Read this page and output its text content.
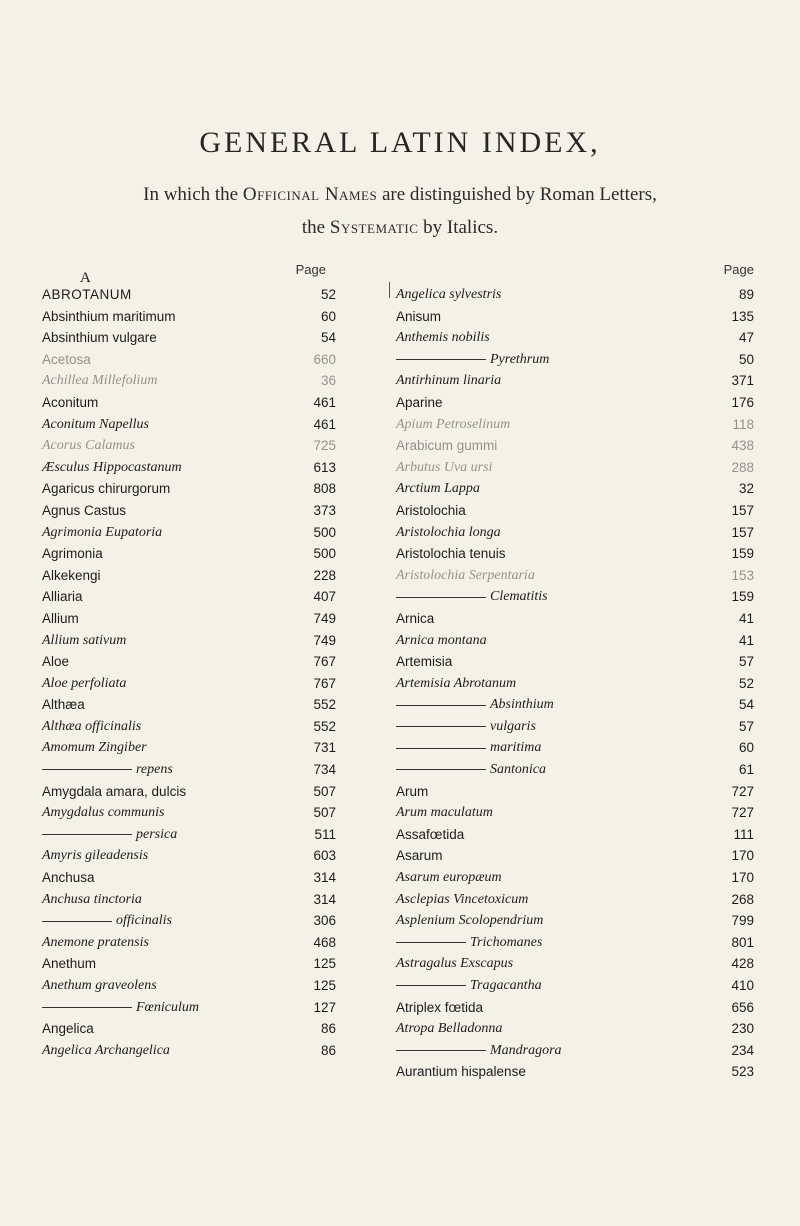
GENERAL LATIN INDEX,
In which the Officinal Names are distinguished by Roman Letters,
the Systematic by Italics.
A
Page
ABROTANUM	52
Absinthium maritimum	60
Absinthium vulgare	54
Acetosa	660
Achillea Millefolium	36
Aconitum	461
Aconitum Napellus	461
Acorus Calamus	725
Æsculus Hippocastanum	613
Agaricus chirurgorum	808
Agnus Castus	373
Agrimonia Eupatoria	500
Agrimonia	500
Alkekengi	228
Alliaria	407
Allium	749
Allium sativum	749
Aloe	767
Aloe perfoliata	767
Althæa	552
Althæa officinalis	552
Amomum Zingiber	731
repens	734
Amygdala amara, dulcis	507
Amygdalus communis	507
persica	511
Amyris gileadensis	603
Anchusa	314
Anchusa tinctoria	314
officinalis	306
Anemone pratensis	468
Anethum	125
Anethum graveolens	125
Fœniculum	127
Angelica	86
Angelica Archangelica	86
Page
Angelica sylvestris	89
Anisum	135
Anthemis nobilis	47
Pyrethrum	50
Antirhinum linaria	371
Aparine	176
Apium Petroselinum	118
Arabicum gummi	438
Arbutus Uva ursi	288
Arctium Lappa	32
Aristolochia	157
Aristolochia longa	157
Aristolochia tenuis	159
Aristolochia Serpentaria	153
Clematitis	159
Arnica	41
Arnica montana	41
Artemisia	57
Artemisia Abrotanum	52
Absinthium	54
vulgaris	57
maritima	60
Santonica	61
Arum	727
Arum maculatum	727
Assafœtida	111
Asarum	170
Asarum europæum	170
Asclepias Vincetoxicum	268
Asplenium Scolopendrium	799
Trichomanes	801
Astragalus Exscapus	428
Tragacantha	410
Atriplex fœtida	656
Atropa Belladonna	230
Mandragora	234
Aurantium hispalense	523
